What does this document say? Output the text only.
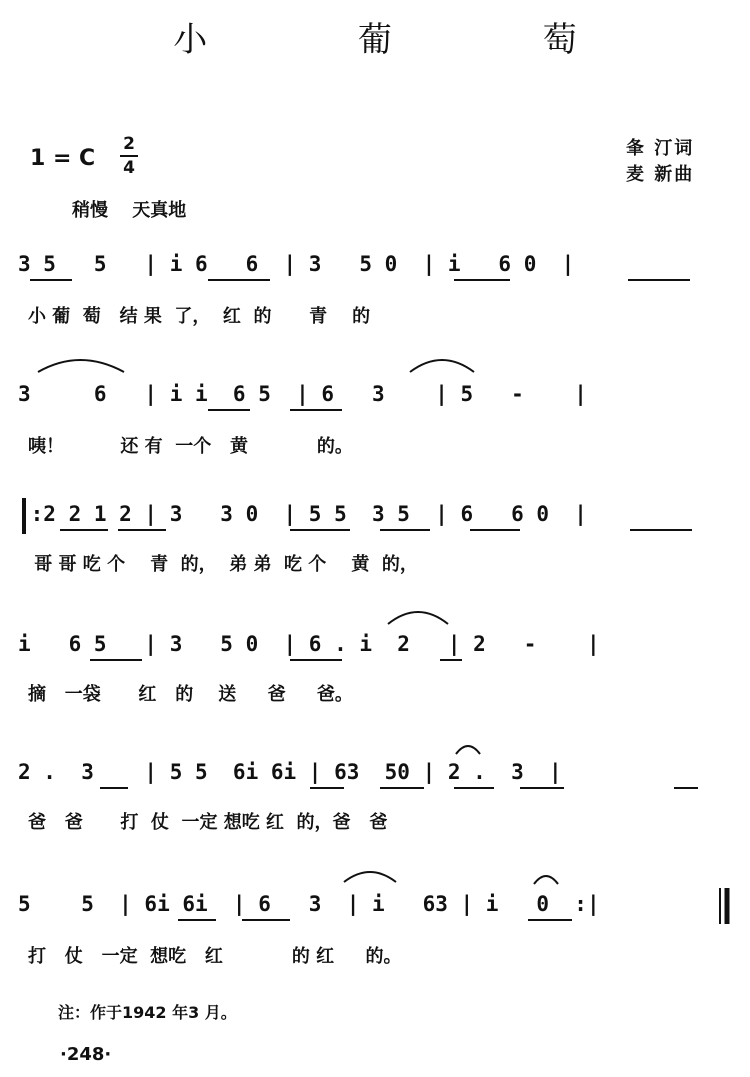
小 葡 萄
1 = C
2
4
夆 汀词
麦 新曲
稍慢 天真地
3 5   5   | i 6   6  | 3   5 0  | i   6 0  |
小 葡  萄   结 果  了，  红  的      青    的
3     6   | i i  6 5  | 6   3    | 5   -    |
咦！         还 有  一个   黄           的。
|:2 2 1 2 | 3   3 0  | 5 5  3 5  | 6   6 0  |
哥 哥 吃 个    青  的，  弟 弟  吃 个    黄  的，
i   6 5   | 3   5 0  | 6 . i  2   | 2   -    |
摘   一袋      红   的    送     爸     爸。
2 .  3    | 5 5  6i 6i | 63  50 | 2 .  3  |
爸   爸      打  仗  一定 想吃 红  的，爸   爸
5    5  | 6i 6i  | 6   3  | i   63 | i   0  :|
打   仗   一定  想吃   红           的 红     的。
注：作于1942 年3 月。
·248·
